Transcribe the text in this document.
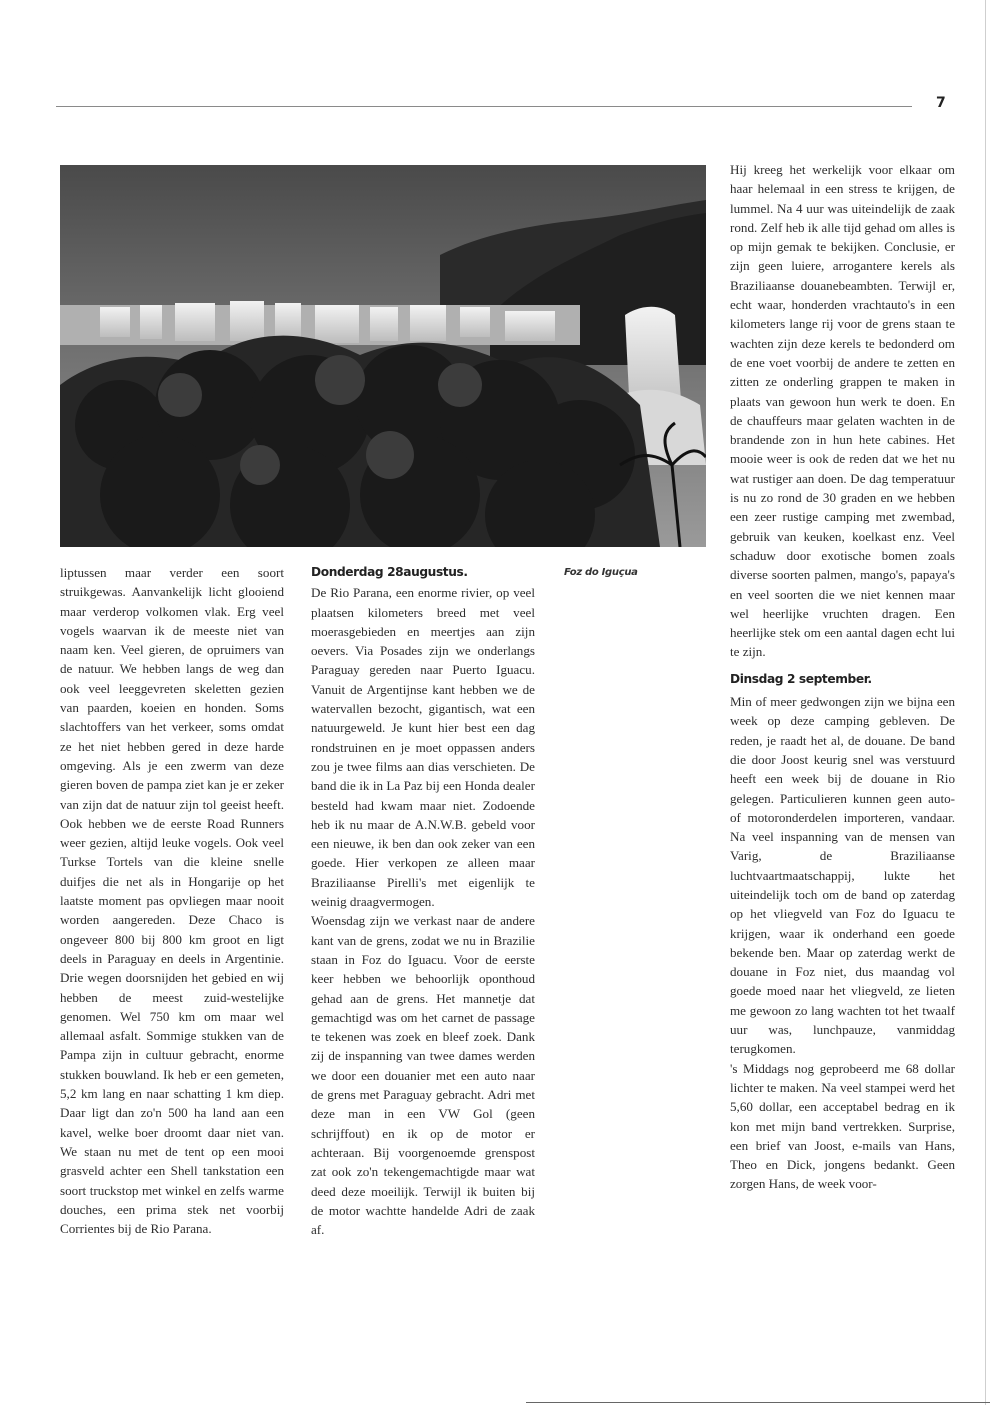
7
Foz do Iguçua

liptussen maar verder een soort struikgewas. Aanvankelijk licht glooiend maar verderop volkomen vlak. Erg veel vogels waarvan ik de meeste niet van naam ken. Veel gieren, de opruimers van de natuur. We hebben langs de weg dan ook veel leeggevreten skeletten gezien van paarden, koeien en honden. Soms slachtoffers van het verkeer, soms omdat ze het niet hebben gered in deze harde omgeving. Als je een zwerm van deze gieren boven de pampa ziet kan je er zeker van zijn dat de natuur zijn tol geeist heeft. Ook hebben we de eerste Road Runners weer gezien, altijd leuke vogels. Ook veel Turkse Tortels van die kleine snelle duifjes die net als in Hongarije op het laatste moment pas opvliegen maar nooit worden aangereden. Deze Chaco is ongeveer 800 bij 800 km groot en ligt deels in Paraguay en deels in Argentinie. Drie wegen doorsnijden het gebied en wij hebben de meest zuid-westelijke genomen. Wel 750 km om maar wel allemaal asfalt. Sommige stukken van de Pampa zijn in cultuur gebracht, enorme stukken bouwland. Ik heb er een gemeten, 5,2 km lang en naar schatting 1 km diep. Daar ligt dan zo'n 500 ha land aan een kavel, welke boer droomt daar niet van. We staan nu met de tent op een mooi grasveld achter een Shell tankstation een soort truckstop met winkel en zelfs warme douches, een prima stek net voorbij Corrientes bij de Rio Parana.

Donderdag 28augustus.

De Rio Parana, een enorme rivier, op veel plaatsen kilometers breed met veel moerasgebieden en meertjes aan zijn oevers. Via Posades zijn we onderlangs Paraguay gereden naar Puerto Iguacu. Vanuit de Argentijnse kant hebben we de watervallen bezocht, gigantisch, wat een natuurgeweld. Je kunt hier best een dag rondstruinen en je moet oppassen anders zou je twee films aan dias verschieten. De band die ik in La Paz bij een Honda dealer besteld had kwam maar niet. Zodoende heb ik nu maar de A.N.W.B. gebeld voor een nieuwe, ik ben dan ook zeker van een goede. Hier verkopen ze alleen maar Braziliaanse Pirelli's met eigenlijk te weinig draagvermogen.

Woensdag zijn we verkast naar de andere kant van de grens, zodat we nu in Brazilie staan in Foz do Iguacu. Voor de eerste keer hebben we behoorlijk oponthoud gehad aan de grens. Het mannetje dat gemachtigd was om het carnet de passage te tekenen was zoek en bleef zoek. Dank zij de inspanning van twee dames werden we door een douanier met een auto naar de grens met Paraguay gebracht. Adri met deze man in een VW Gol (geen schrijffout) en ik op de motor er achteraan. Bij voorgenoemde grenspost zat ook zo'n tekengemachtigde maar wat deed deze moeilijk. Terwijl ik buiten bij de motor wachtte handelde Adri de zaak af.

Hij kreeg het werkelijk voor elkaar om haar helemaal in een stress te krijgen, de lummel. Na 4 uur was uiteindelijk de zaak rond. Zelf heb ik alle tijd gehad om alles is op mijn gemak te bekijken. Conclusie, er zijn geen luiere, arrogantere kerels als Braziliaanse douanebeambten. Terwijl er, echt waar, honderden vrachtauto's in een kilometers lange rij voor de grens staan te wachten zijn deze kerels te bedonderd om de ene voet voorbij de andere te zetten en zitten ze onderling grappen te maken in plaats van gewoon hun werk te doen. En de chauffeurs maar gelaten wachten in de brandende zon in hun hete cabines. Het mooie weer is ook de reden dat we het nu wat rustiger aan doen. De dag temperatuur is nu zo rond de 30 graden en we hebben een zeer rustige camping met zwembad, gebruik van keuken, koelkast enz. Veel schaduw door exotische bomen zoals diverse soorten palmen, mango's, papaya's en veel soorten die we niet kennen maar wel heerlijke vruchten dragen. Een heerlijke stek om een aantal dagen echt lui te zijn.

Dinsdag 2 september.

Min of meer gedwongen zijn we bijna een week op deze camping gebleven. De reden, je raadt het al, de douane. De band die door Joost keurig snel was verstuurd heeft een week bij de douane in Rio gelegen. Particulieren kunnen geen auto- of motoronderdelen importeren, vandaar. Na veel inspanning van de mensen van Varig, de Braziliaanse luchtvaartmaatschappij, lukte het uiteindelijk toch om de band op zaterdag op het vliegveld van Foz do Iguacu te krijgen, waar ik onderhand een goede bekende ben. Maar op zaterdag werkt de douane in Foz niet, dus maandag vol goede moed naar het vliegveld, ze lieten me gewoon zo lang wachten tot het twaalf uur was, lunchpauze, vanmiddag terugkomen.

's Middags nog geprobeerd me 68 dollar lichter te maken. Na veel stampei werd het 5,60 dollar, een acceptabel bedrag en ik kon met mijn band vertrekken. Surprise, een brief van Joost, e-mails van Hans, Theo en Dick, jongens bedankt. Geen zorgen Hans, de week voor-
